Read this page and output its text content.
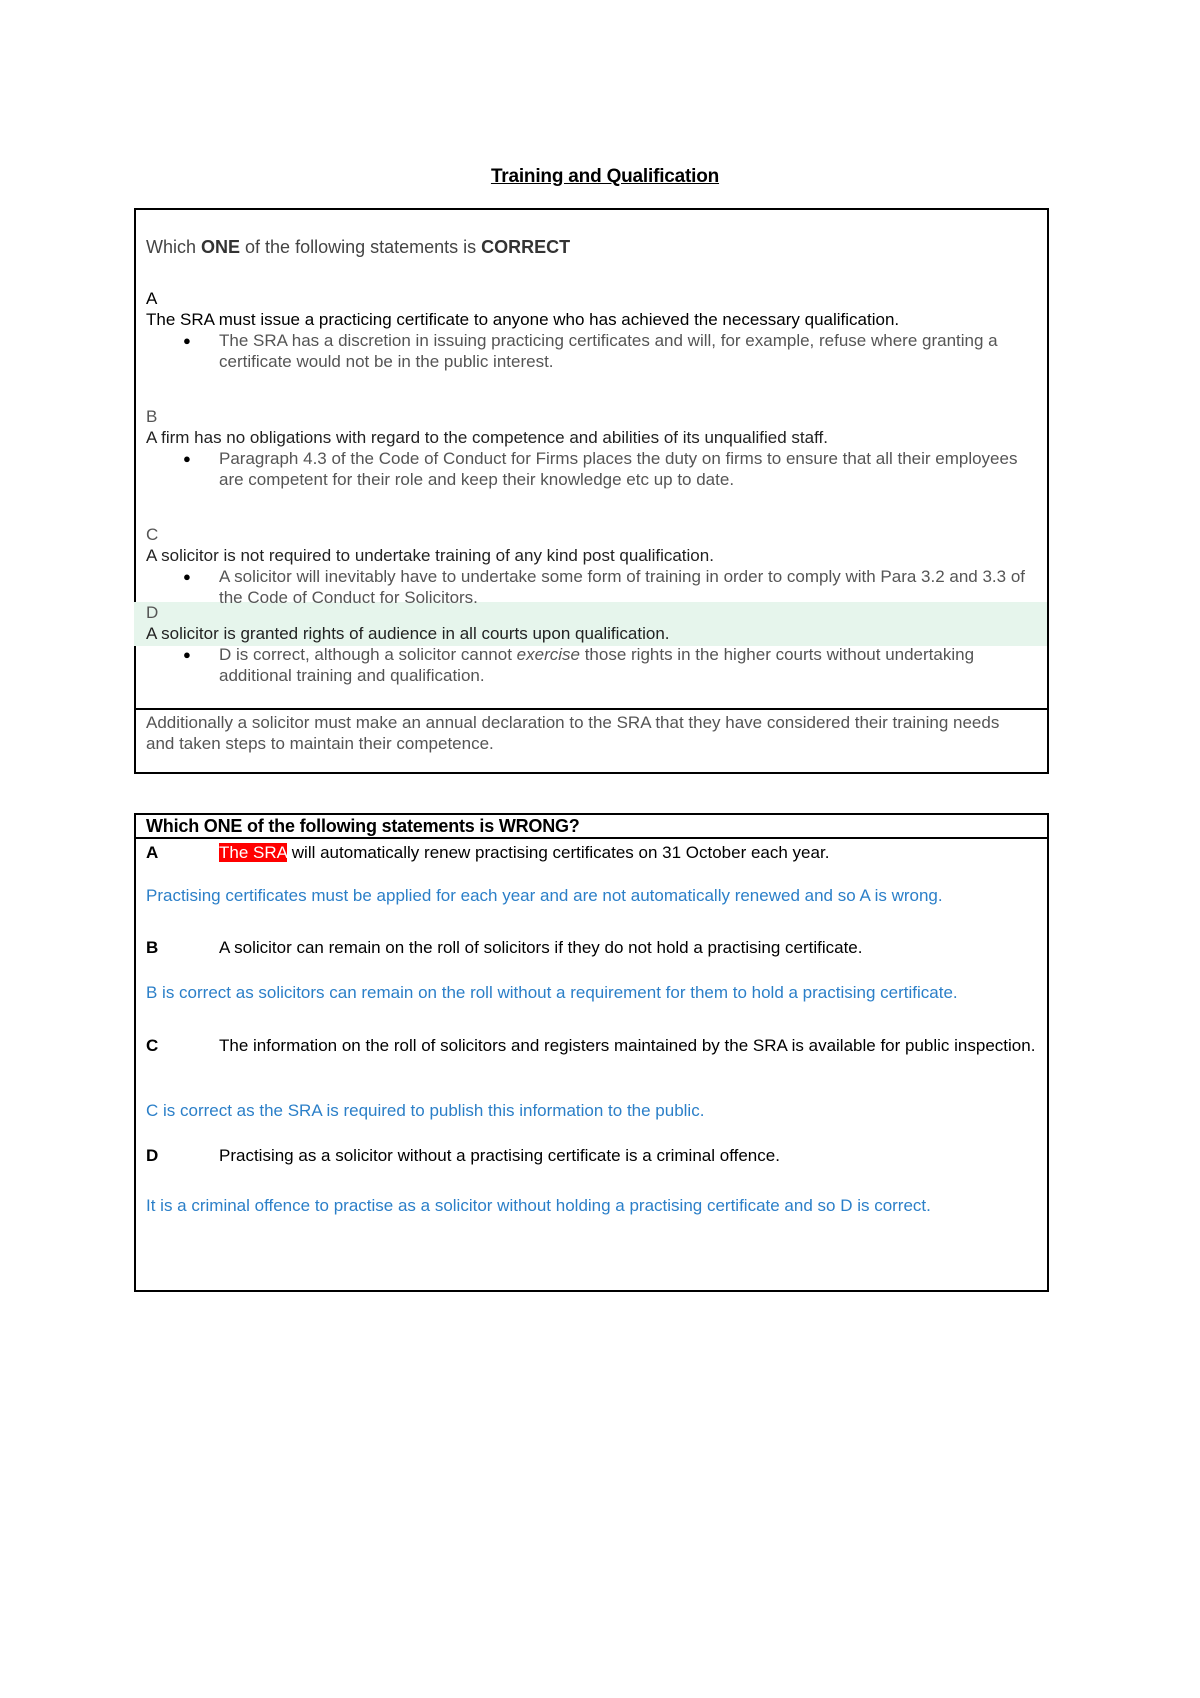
Training and Qualification
Which ONE of the following statements is CORRECT
A
The SRA must issue a practicing certificate to anyone who has achieved the necessary qualification.
● The SRA has a discretion in issuing practicing certificates and will, for example, refuse where granting a certificate would not be in the public interest.
B
A firm has no obligations with regard to the competence and abilities of its unqualified staff.
● Paragraph 4.3 of the Code of Conduct for Firms places the duty on firms to ensure that all their employees are competent for their role and keep their knowledge etc up to date.
C
A solicitor is not required to undertake training of any kind post qualification.
● A solicitor will inevitably have to undertake some form of training in order to comply with Para 3.2 and 3.3 of the Code of Conduct for Solicitors.
D
A solicitor is granted rights of audience in all courts upon qualification.
● D is correct, although a solicitor cannot exercise those rights in the higher courts without undertaking additional training and qualification.
Additionally a solicitor must make an annual declaration to the SRA that they have considered their training needs and taken steps to maintain their competence.
Which ONE of the following statements is WRONG?
A	The SRA will automatically renew practising certificates on 31 October each year.
Practising certificates must be applied for each year and are not automatically renewed and so A is wrong.
B	A solicitor can remain on the roll of solicitors if they do not hold a practising certificate.
B is correct as solicitors can remain on the roll without a requirement for them to hold a practising certificate.
C	The information on the roll of solicitors and registers maintained by the SRA is available for public inspection.
C is correct as the SRA is required to publish this information to the public.
D	Practising as a solicitor without a practising certificate is a criminal offence.
It is a criminal offence to practise as a solicitor without holding a practising certificate and so D is correct.
